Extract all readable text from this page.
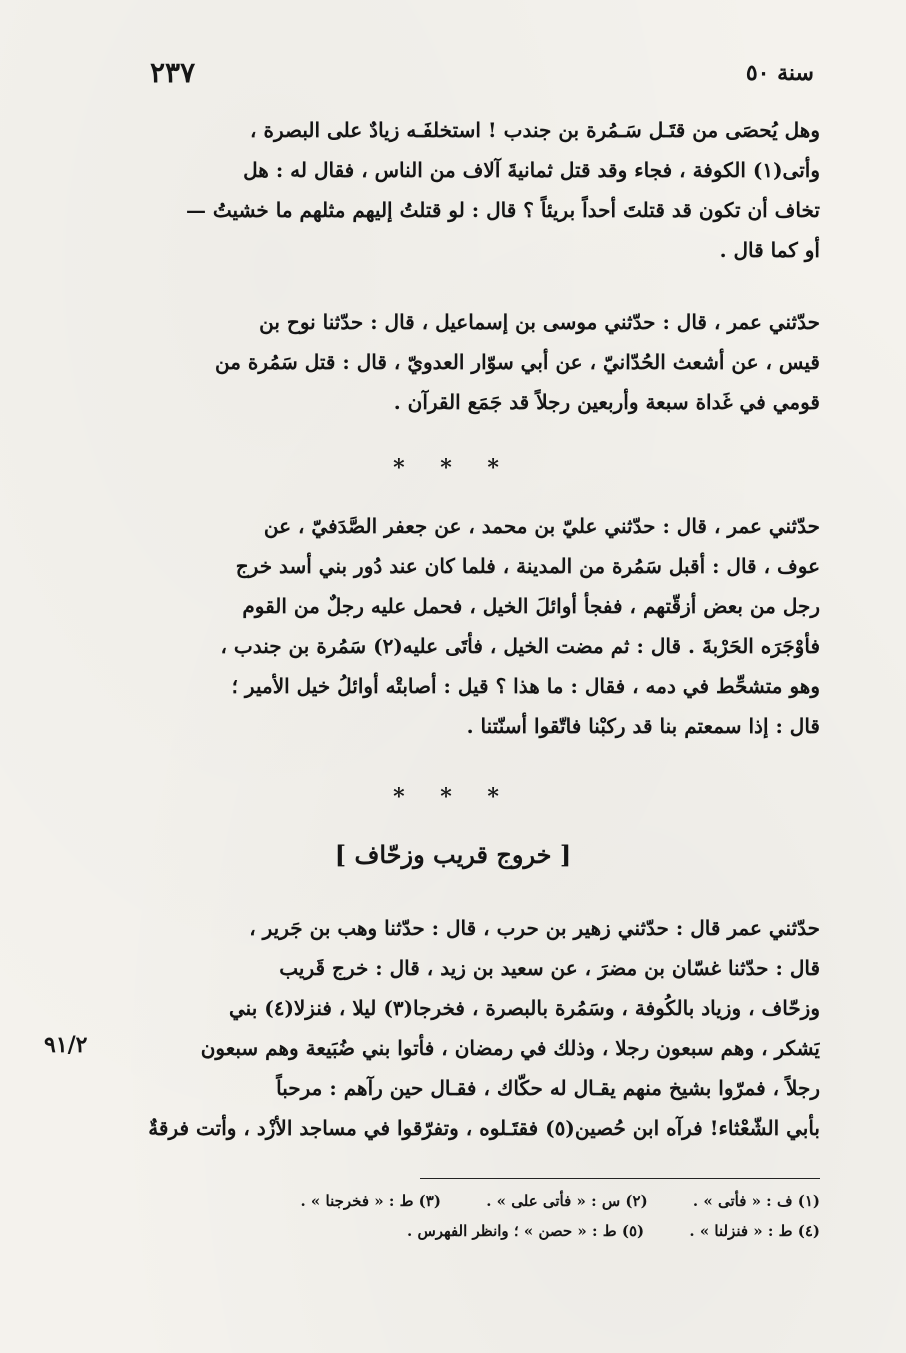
٢٣٧	سنة ٥٠
وهل يُحصَى من قتَـل سَـمُرة بن جندب ! استخلفَـه زيادٌ على البصرة ،
وأتى(١) الكوفة ، فجاء وقد قتل ثمانيةَ آلاف من الناس ، فقال له : هل
تخاف أن تكون قد قتلتَ أحداً بريئاً ؟ قال : لو قتلتُ إليهم مثلهم ما خشيتُ —
أو كما قال .
حدّثني عمر ، قال : حدّثني موسى بن إسماعيل ، قال : حدّثنا نوح بن
قيس ، عن أشعث الحُدّانيّ ، عن أبي سوّار العدويّ ، قال : قتل سَمُرة من
قومي في غَداة سبعة وأربعين رجلاً قد جَمَع القرآن .
* * *
حدّثني عمر ، قال : حدّثني عليّ بن محمد ، عن جعفر الصَّدَفيّ ، عن
عوف ، قال : أقبل سَمُرة من المدينة ، فلما كان عند دُور بني أسد خرج
رجل من بعض أزقّتهم ، ففجأ أوائلَ الخيل ، فحمل عليه رجلٌ من القوم
فأوْجَرَه الحَرْبةَ . قال : ثم مضت الخيل ، فأتَى عليه(٢) سَمُرة بن جندب ،
وهو متشحِّط في دمه ، فقال : ما هذا ؟ قيل : أصابتْه أوائلُ خيل الأمير ؛
قال : إذا سمعتم بنا قد ركبْنا فاتّقوا أسنّتنا .
* * *
[ خروج قريب وزحّاف ]
حدّثني عمر قال : حدّثني زهير بن حرب ، قال : حدّثنا وهب بن جَرير ،
قال : حدّثنا غسّان بن مضرَ ، عن سعيد بن زيد ، قال : خرج قَريب
وزحّاف ، وزياد بالكُوفة ، وسَمُرة بالبصرة ، فخرجا(٣) ليلا ، فنزلا(٤) بني
يَشكر ، وهم سبعون رجلا ، وذلك في رمضان ، فأتوا بني ضُبَيعة وهم سبعون
رجلاً ، فمرّوا بشيخ منهم يقـال له حكّاك ، فقـال حين رآهم : مرحباً
بأبي الشّعْثاء! فرآه ابن حُصين(٥) فقتَـلوه ، وتفرّقوا في مساجد الأزْد ، وأتت فرقةٌ
٩١/٢
(١) ف : « فأتى » . (٢) س : « فأتى على » . (٣) ط : « فخرجنا » .
(٤) ط : « فنزلنا » . (٥) ط : « حصن » ؛ وانظر الفهرس .
